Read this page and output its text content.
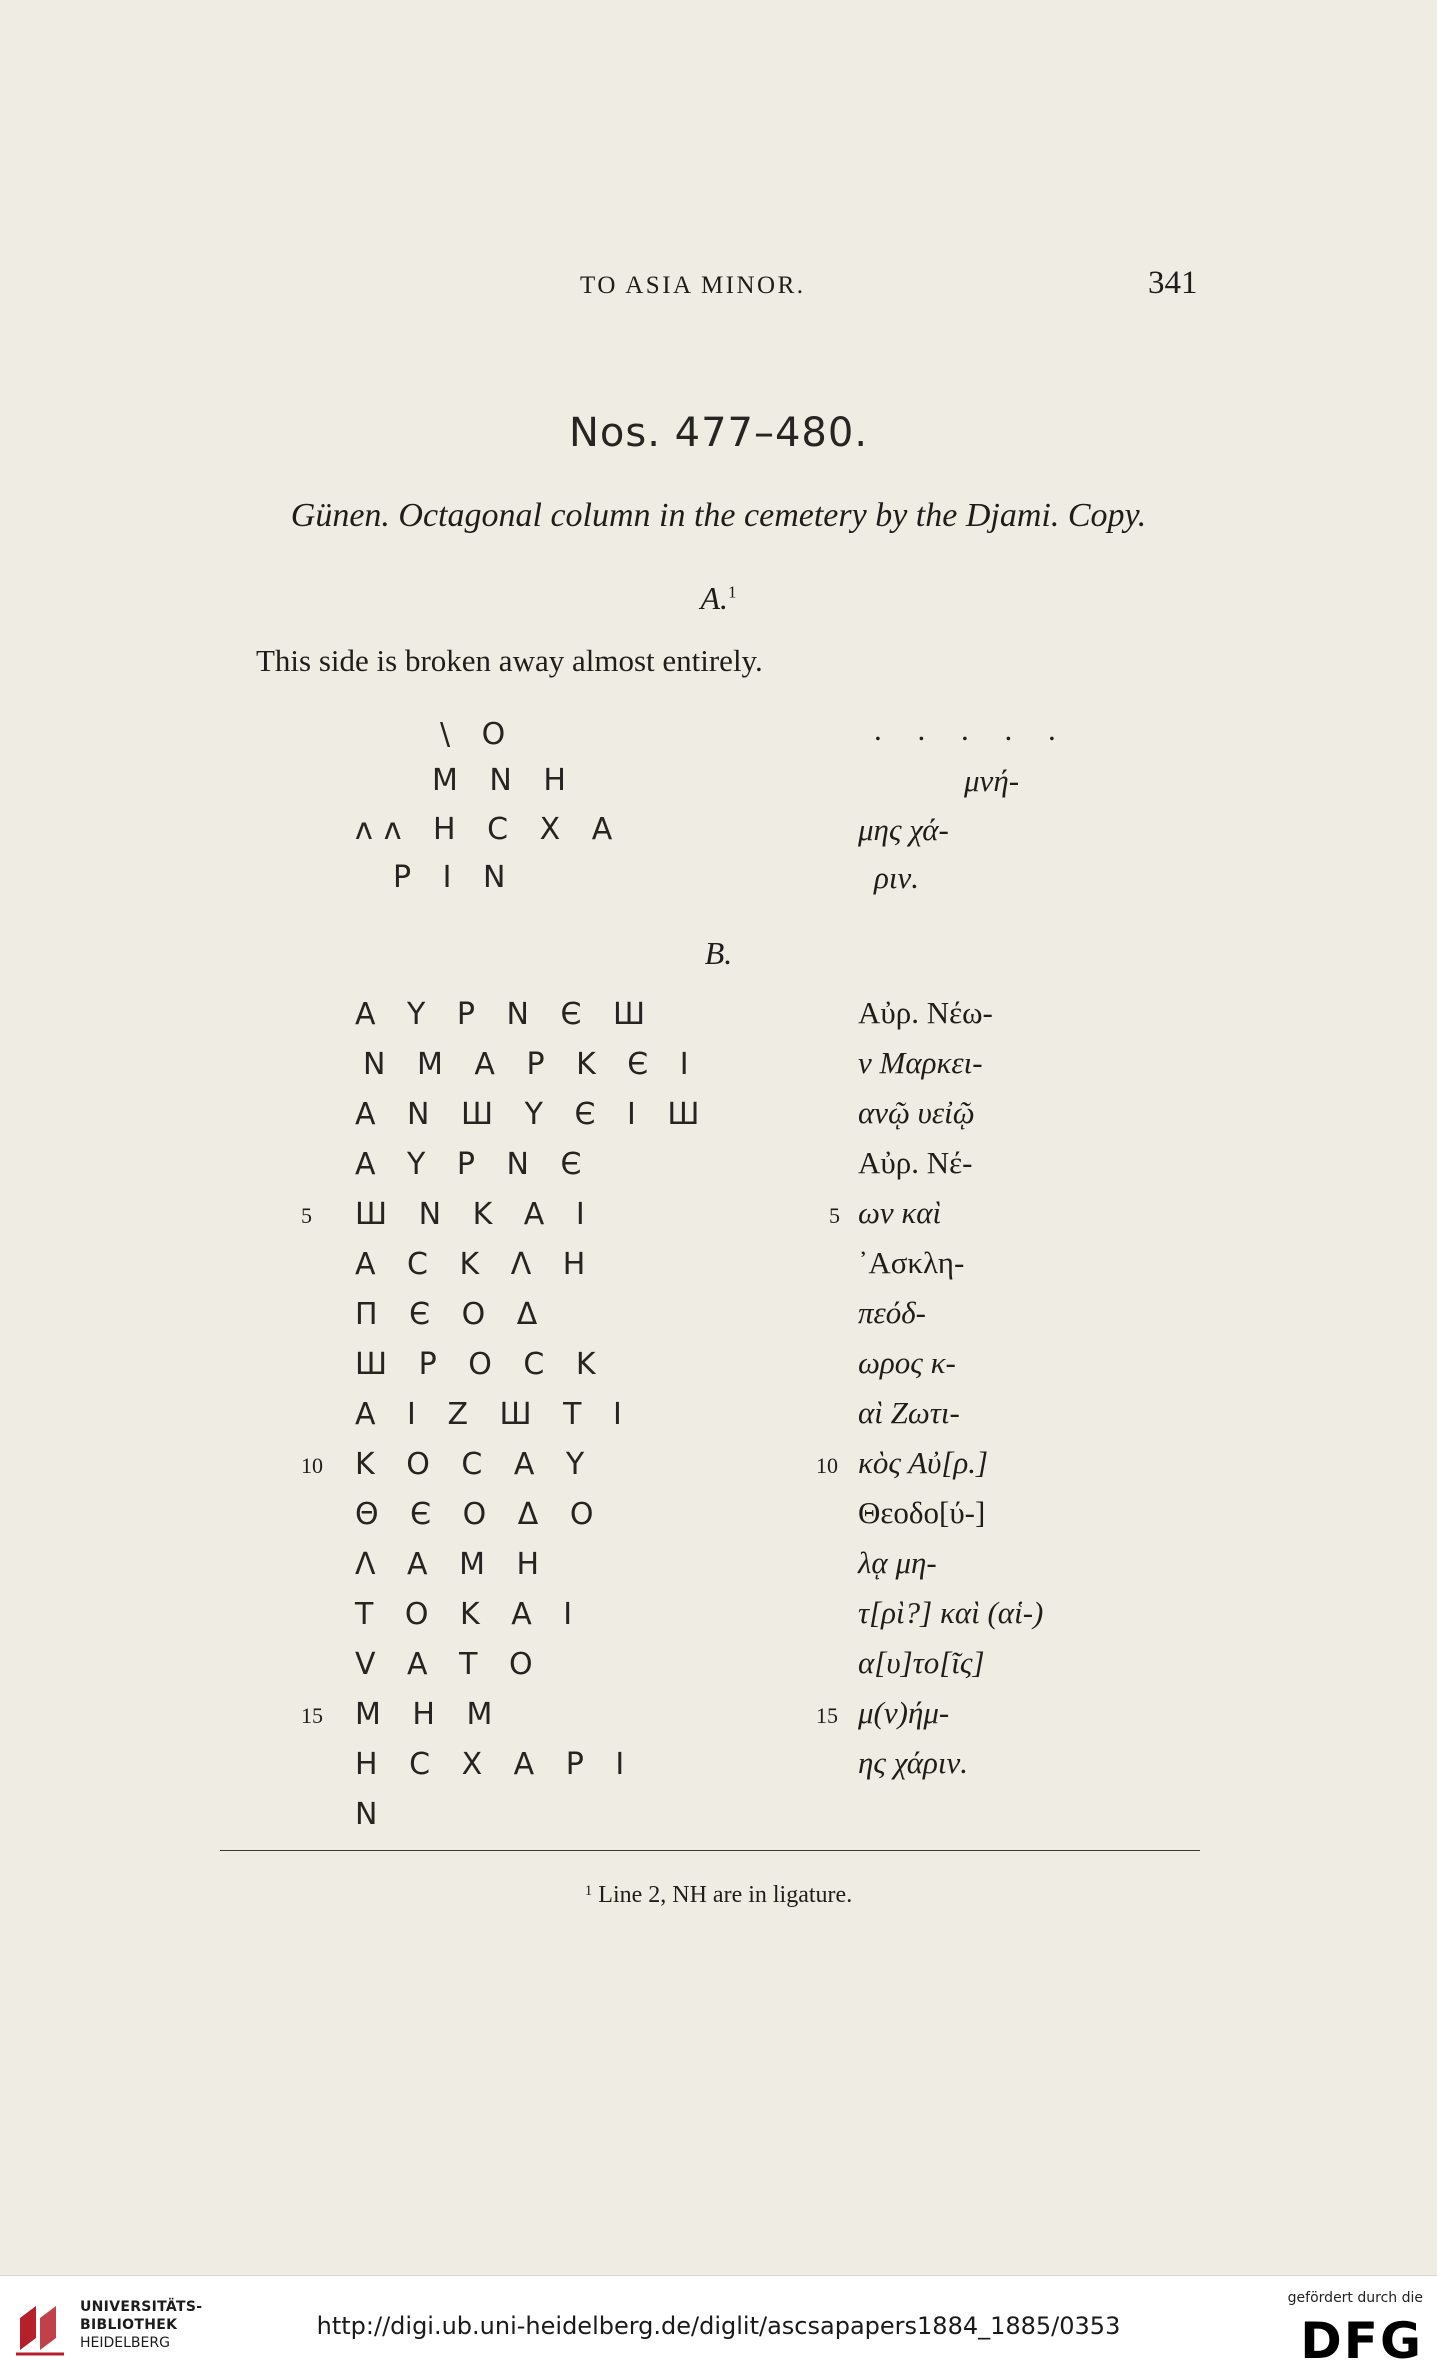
TO ASIA MINOR.	341
Nos. 477–480.
Günen. Octagonal column in the cemetery by the Djami. Copy.
A.$^1$
This side is broken away almost entirely.
\ O
M N H
ʌʌ H C X A
P I N
. . . . .
μνή-
μης χά-
ριν.
B.
A Y P N Є Ш
N M A P K Є I
A N Ш Y Є I Ш
A Y P N Є
Ш N K A I
A C K Λ H
П Є O Δ
Ш P O C K
A I Z Ш T I
K O C A Y
Θ Є O Δ O
Λ A M H
T O K A I
V A T O
M H M
H C X A P I
N
Αὐρ. Νέω-
ν Μαρκει-
ανῷ υεἰῷ
Αὐρ. Νέ-
ων καὶ
᾿Ασκλη-
πεόδ-
ωρος κ-
αὶ Ζωτι-
κὸς Αὐ[ρ.]
Θεοδο[ύ-]
λᾳ μη-
τ[ρὶ?] καὶ (αἱ-)
α[υ]το[ῖς]
μ(ν)ήμ-
ης χάριν.
5
10
15
5
10
15
$^1$ Line 2, NH are in ligature.
UNIVERSITÄTS-
BIBLIOTHEK
HEIDELBERG
http://digi.ub.uni-heidelberg.de/diglit/ascsapapers1884_1885/0353
gefördert durch die
DFG
